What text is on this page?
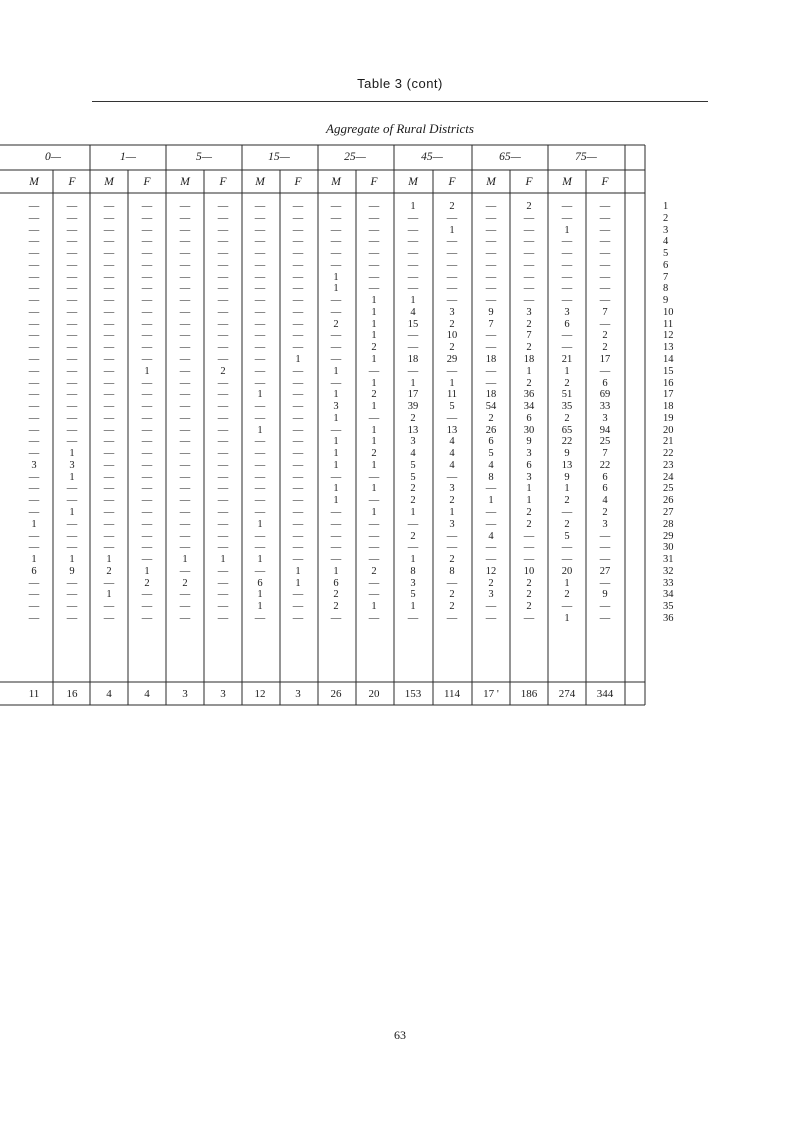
Table 3 (cont)
Aggregate of Rural Districts
0—	1—	5—	15—	25—	45—	65—	75—
M	F	M	F	M	F	M	F	M	F	M	F	M	F	M	F
—	—	—	—	—	—	—	—	—	—	1	2	—	2	—	—	1
—	—	—	—	—	—	—	—	—	—	—	—	—	—	—	—	2
—	—	—	—	—	—	—	—	—	—	—	1	—	—	1	—	3
—	—	—	—	—	—	—	—	—	—	—	—	—	—	—	—	4
—	—	—	—	—	—	—	—	—	—	—	—	—	—	—	—	5
—	—	—	—	—	—	—	—	—	—	—	—	—	—	—	—	6
—	—	—	—	—	—	—	—	1	—	—	—	—	—	—	—	7
—	—	—	—	—	—	—	—	1	—	—	—	—	—	—	—	8
—	—	—	—	—	—	—	—	—	1	1	—	—	—	—	—	9
—	—	—	—	—	—	—	—	—	1	4	3	9	3	3	7	10
—	—	—	—	—	—	—	—	2	1	15	2	7	2	6	—	11
—	—	—	—	—	—	—	—	—	1	—	10	—	7	—	2	12
—	—	—	—	—	—	—	—	—	2	—	2	—	2	—	2	13
—	—	—	—	—	—	—	1	—	1	18	29	18	18	21	17	14
—	—	—	1	—	2	—	—	1	—	—	—	—	1	1	—	15
—	—	—	—	—	—	—	—	—	1	1	1	—	2	2	6	16
—	—	—	—	—	—	1	—	1	2	17	11	18	36	51	69	17
—	—	—	—	—	—	—	—	3	1	39	5	54	34	35	33	18
—	—	—	—	—	—	—	—	1	—	2	—	2	6	2	3	19
—	—	—	—	—	—	1	—	—	1	13	13	26	30	65	94	20
—	—	—	—	—	—	—	—	1	1	3	4	6	9	22	25	21
—	1	—	—	—	—	—	—	1	2	4	4	5	3	9	7	22
3	3	—	—	—	—	—	—	1	1	5	4	4	6	13	22	23
—	1	—	—	—	—	—	—	—	—	5	—	8	3	9	6	24
—	—	—	—	—	—	—	—	1	1	2	3	—	1	1	6	25
—	—	—	—	—	—	—	—	1	—	2	2	1	1	2	4	26
—	1	—	—	—	—	—	—	—	1	1	1	—	2	—	2	27
1	—	—	—	—	—	1	—	—	—	—	3	—	2	2	3	28
—	—	—	—	—	—	—	—	—	—	2	—	4	—	5	—	29
—	—	—	—	—	—	—	—	—	—	—	—	—	—	—	—	30
1	1	1	—	1	1	1	—	—	—	1	2	—	—	—	—	31
6	9	2	1	—	—	—	1	1	2	8	8	12	10	20	27	32
—	—	—	2	2	—	6	1	6	—	3	—	2	2	1	—	33
—	—	1	—	—	—	1	—	2	—	5	2	3	2	2	9	34
—	—	—	—	—	—	1	—	2	1	1	2	—	2	—	—	35
—	—	—	—	—	—	—	—	—	—	—	—	—	—	1	—	36
11	16	4	4	3	3	12	3	26	20	153	114	17 '	186	274	344
63
